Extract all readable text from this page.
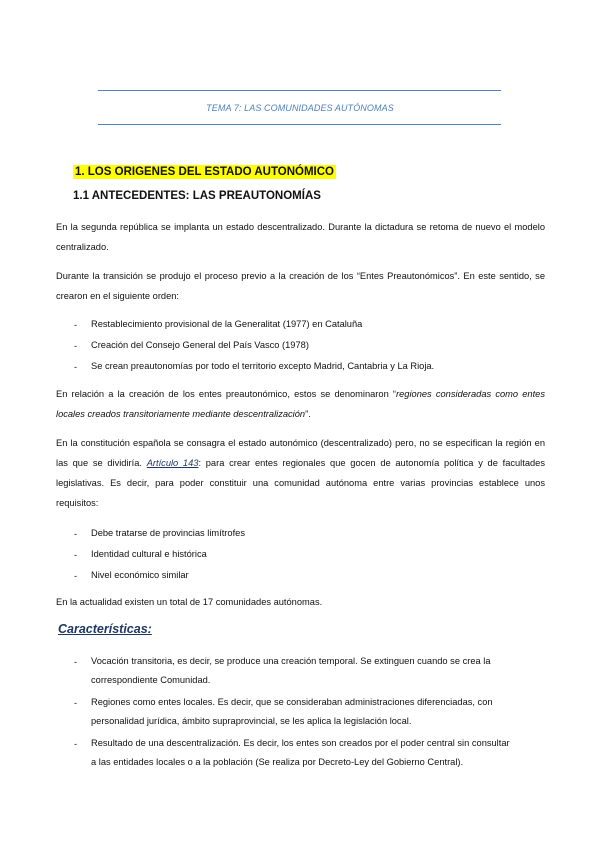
TEMA 7: LAS COMUNIDADES AUTÓNOMAS
1. LOS ORIGENES DEL ESTADO AUTONÓMICO
1.1 ANTECEDENTES: LAS PREAUTONOMÍAS
En la segunda república se implanta un estado descentralizado. Durante la dictadura se retoma de nuevo el modelo centralizado.
Durante la transición se produjo el proceso previo a la creación de los “Entes Preautonómicos”. En este sentido, se crearon en el siguiente orden:
- Restablecimiento provisional de la Generalitat (1977) en Cataluña
- Creación del Consejo General del País Vasco (1978)
- Se crean preautonomías por todo el territorio excepto Madrid, Cantabria y La Rioja.
En relación a la creación de los entes preautonómico, estos se denominaron “regiones consideradas como entes locales creados transitoriamente mediante descentralización”.
En la constitución española se consagra el estado autonómico (descentralizado) pero, no se especifican la región en las que se dividiría. Artículo 143: para crear entes regionales que gocen de autonomía política y de facultades legislativas. Es decir, para poder constituir una comunidad autónoma entre varias provincias establece unos requisitos:
- Debe tratarse de provincias limítrofes
- Identidad cultural e histórica
- Nivel económico similar
En la actualidad existen un total de 17 comunidades autónomas.
Características:
- Vocación transitoria, es decir, se produce una creación temporal. Se extinguen cuando se crea la
correspondiente Comunidad.
- Regiones como entes locales. Es decir, que se consideraban administraciones diferenciadas, con
personalidad jurídica, ámbito supraprovincial, se les aplica la legislación local.
- Resultado de una descentralización. Es decir, los entes son creados por el poder central sin consultar
a las entidades locales o a la población (Se realiza por Decreto-Ley del Gobierno Central).
